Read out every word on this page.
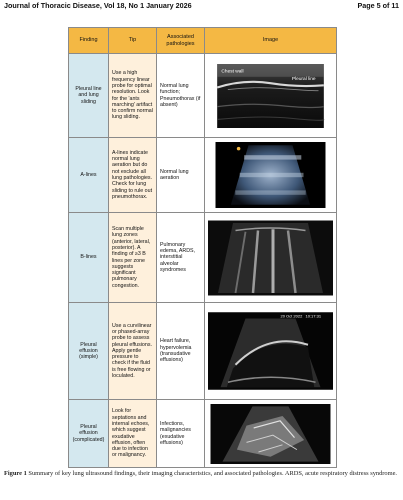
Journal of Thoracic Disease, Vol 18, No 1 January 2026	Page 5 of 11
Finding	Tip	Associated pathologies	Image

Pleural line and lung sliding	Use a high frequency linear probe for optimal resolution. Look for the 'ants marching' artifact to confirm normal lung sliding.	Normal lung function; Pneumothorax (if absent)	Chest wall
Pleural line

A-lines	A-lines indicate normal lung aeration but do not exclude all lung pathologies. Check for lung sliding to rule out pneumothorax.	Normal lung aeration

B-lines	Scan multiple lung zones (anterior, lateral, posterior). A finding of ≥3 B lines per zone suggests significant pulmonary congestion.	Pulmonary edema, ARDS, interstitial alveolar syndromes

Pleural effusion (simple)	Use a curvilinear or phased-array probe to assess pleural effusions. Apply gentle pressure to check if the fluid is free flowing or loculated.	Heart failure, hypervolemia (transudative effusions)	20 Oct 2022 10:17:31

Pleural effusion (complicated)	Look for septations and internal echoes, which suggest exudative effusion, often due to infection or malignancy.	Infections, malignancies (exudative effusions)

Figure 1 Summary of key lung ultrasound findings, their imaging characteristics, and associated pathologies. ARDS, acute respiratory distress syndrome.
